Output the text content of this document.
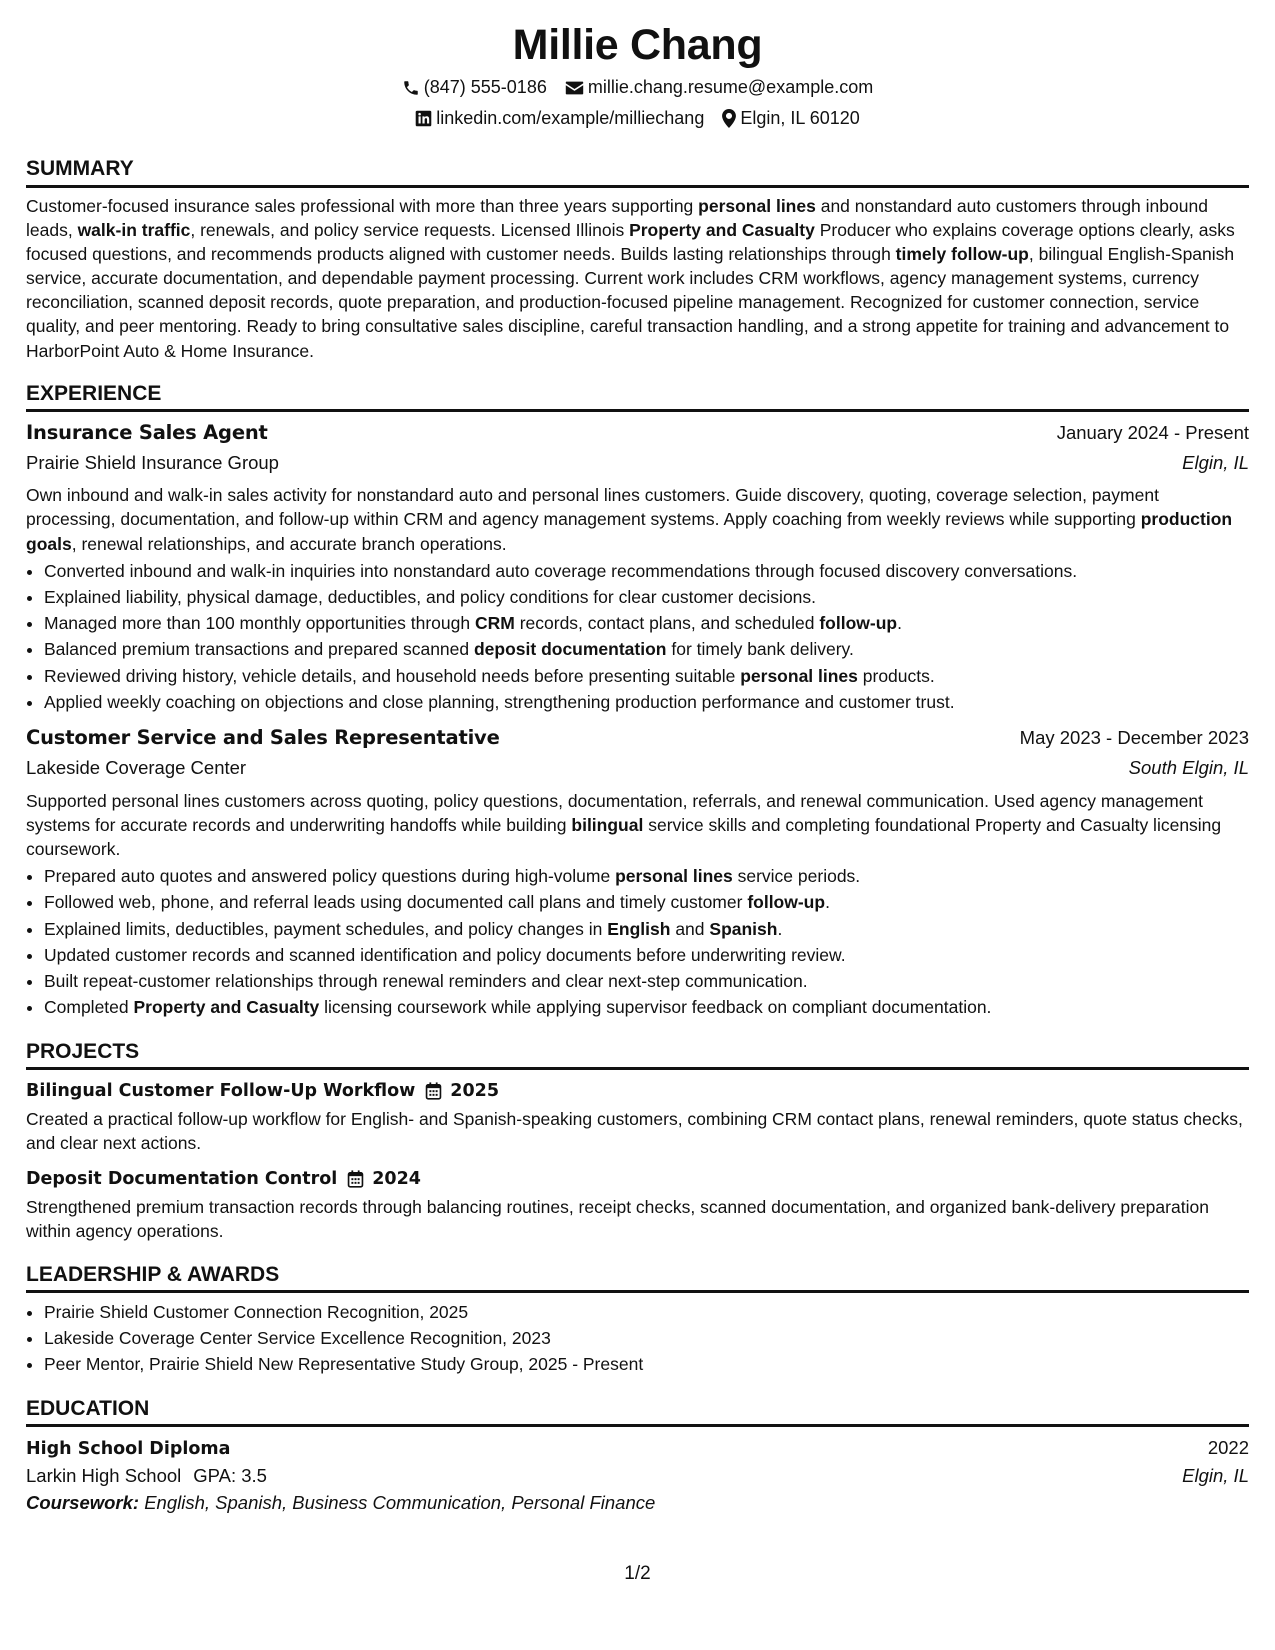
Millie Chang
(847) 555-0186 millie.chang.resume@example.com
linkedin.com/example/milliechang Elgin, IL 60120
SUMMARY
Customer-focused insurance sales professional with more than three years supporting personal lines and nonstandard auto customers through inbound leads, walk-in traffic, renewals, and policy service requests. Licensed Illinois Property and Casualty Producer who explains coverage options clearly, asks focused questions, and recommends products aligned with customer needs. Builds lasting relationships through timely follow-up, bilingual English-Spanish service, accurate documentation, and dependable payment processing. Current work includes CRM workflows, agency management systems, currency reconciliation, scanned deposit records, quote preparation, and production-focused pipeline management. Recognized for customer connection, service quality, and peer mentoring. Ready to bring consultative sales discipline, careful transaction handling, and a strong appetite for training and advancement to HarborPoint Auto & Home Insurance.
EXPERIENCE
Insurance Sales Agent	January 2024 - Present
Prairie Shield Insurance Group	Elgin, IL
Own inbound and walk-in sales activity for nonstandard auto and personal lines customers. Guide discovery, quoting, coverage selection, payment processing, documentation, and follow-up within CRM and agency management systems. Apply coaching from weekly reviews while supporting production goals, renewal relationships, and accurate branch operations.
• Converted inbound and walk-in inquiries into nonstandard auto coverage recommendations through focused discovery conversations.
• Explained liability, physical damage, deductibles, and policy conditions for clear customer decisions.
• Managed more than 100 monthly opportunities through CRM records, contact plans, and scheduled follow-up.
• Balanced premium transactions and prepared scanned deposit documentation for timely bank delivery.
• Reviewed driving history, vehicle details, and household needs before presenting suitable personal lines products.
• Applied weekly coaching on objections and close planning, strengthening production performance and customer trust.
Customer Service and Sales Representative	May 2023 - December 2023
Lakeside Coverage Center	South Elgin, IL
Supported personal lines customers across quoting, policy questions, documentation, referrals, and renewal communication. Used agency management systems for accurate records and underwriting handoffs while building bilingual service skills and completing foundational Property and Casualty licensing coursework.
• Prepared auto quotes and answered policy questions during high-volume personal lines service periods.
• Followed web, phone, and referral leads using documented call plans and timely customer follow-up.
• Explained limits, deductibles, payment schedules, and policy changes in English and Spanish.
• Updated customer records and scanned identification and policy documents before underwriting review.
• Built repeat-customer relationships through renewal reminders and clear next-step communication.
• Completed Property and Casualty licensing coursework while applying supervisor feedback on compliant documentation.
PROJECTS
Bilingual Customer Follow-Up Workflow 2025
Created a practical follow-up workflow for English- and Spanish-speaking customers, combining CRM contact plans, renewal reminders, quote status checks, and clear next actions.
Deposit Documentation Control 2024
Strengthened premium transaction records through balancing routines, receipt checks, scanned documentation, and organized bank-delivery preparation within agency operations.
LEADERSHIP & AWARDS
• Prairie Shield Customer Connection Recognition, 2025
• Lakeside Coverage Center Service Excellence Recognition, 2023
• Peer Mentor, Prairie Shield New Representative Study Group, 2025 - Present
EDUCATION
High School Diploma	2022
Larkin High School GPA: 3.5	Elgin, IL
Coursework: English, Spanish, Business Communication, Personal Finance
1/2
